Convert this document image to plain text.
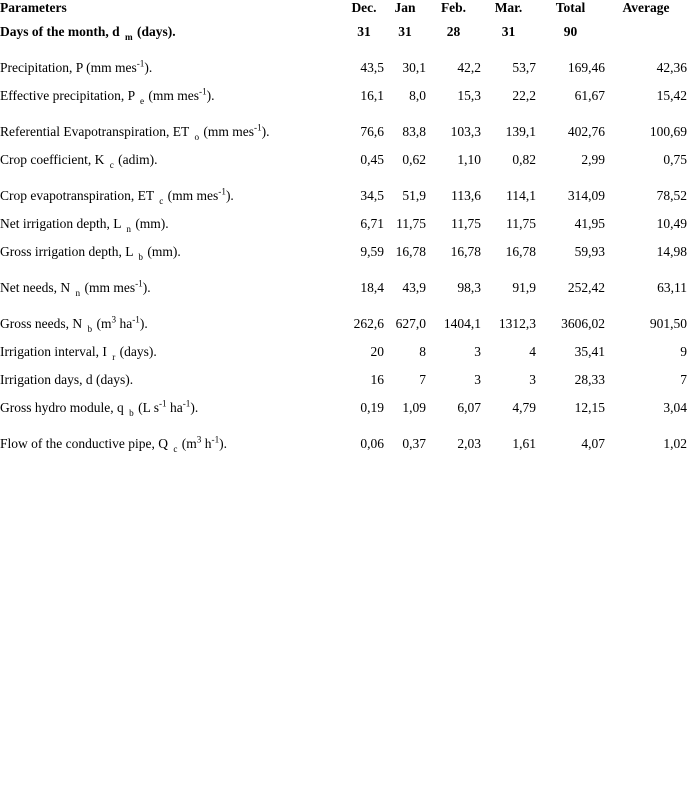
Parameters	Dec.	Jan	Feb.	Mar.	Total	Average
Days of the month, d $_m$ (days).	31	31	28	31	90	
Precipitation, P (mm mes$^{-1}$).	43,5	30,1	42,2	53,7	169,46	42,36
Effective precipitation, P $_e$ (mm mes$^{-1}$).	16,1	8,0	15,3	22,2	61,67	15,42
Referential Evapotranspiration, ET $_o$ (mm mes$^{-1}$).	76,6	83,8	103,3	139,1	402,76	100,69
Crop coefficient, K $_c$ (adim).	0,45	0,62	1,10	0,82	2,99	0,75
Crop evapotranspiration, ET $_c$ (mm mes$^{-1}$).	34,5	51,9	113,6	114,1	314,09	78,52
Net irrigation depth, L $_n$ (mm).	6,71	11,75	11,75	11,75	41,95	10,49
Gross irrigation depth, L $_b$ (mm).	9,59	16,78	16,78	16,78	59,93	14,98
Net needs, N $_n$ (mm mes$^{-1}$).	18,4	43,9	98,3	91,9	252,42	63,11
Gross needs, N $_b$ ($m^3$ $ha^{-1}$).	262,6	627,0	1404,1	1312,3	3606,02	901,50
Irrigation interval, I $_r$ (days).	20	8	3	4	35,41	9
Irrigation days, d (days).	16	7	3	3	28,33	7
Gross hydro module, q $_b$ (L $s^{-1}$ $ha^{-1}$).	0,19	1,09	6,07	4,79	12,15	3,04
Flow of the conductive pipe, Q $_c$ ($m^3$ $h^{-1}$).	0,06	0,37	2,03	1,61	4,07	1,02
